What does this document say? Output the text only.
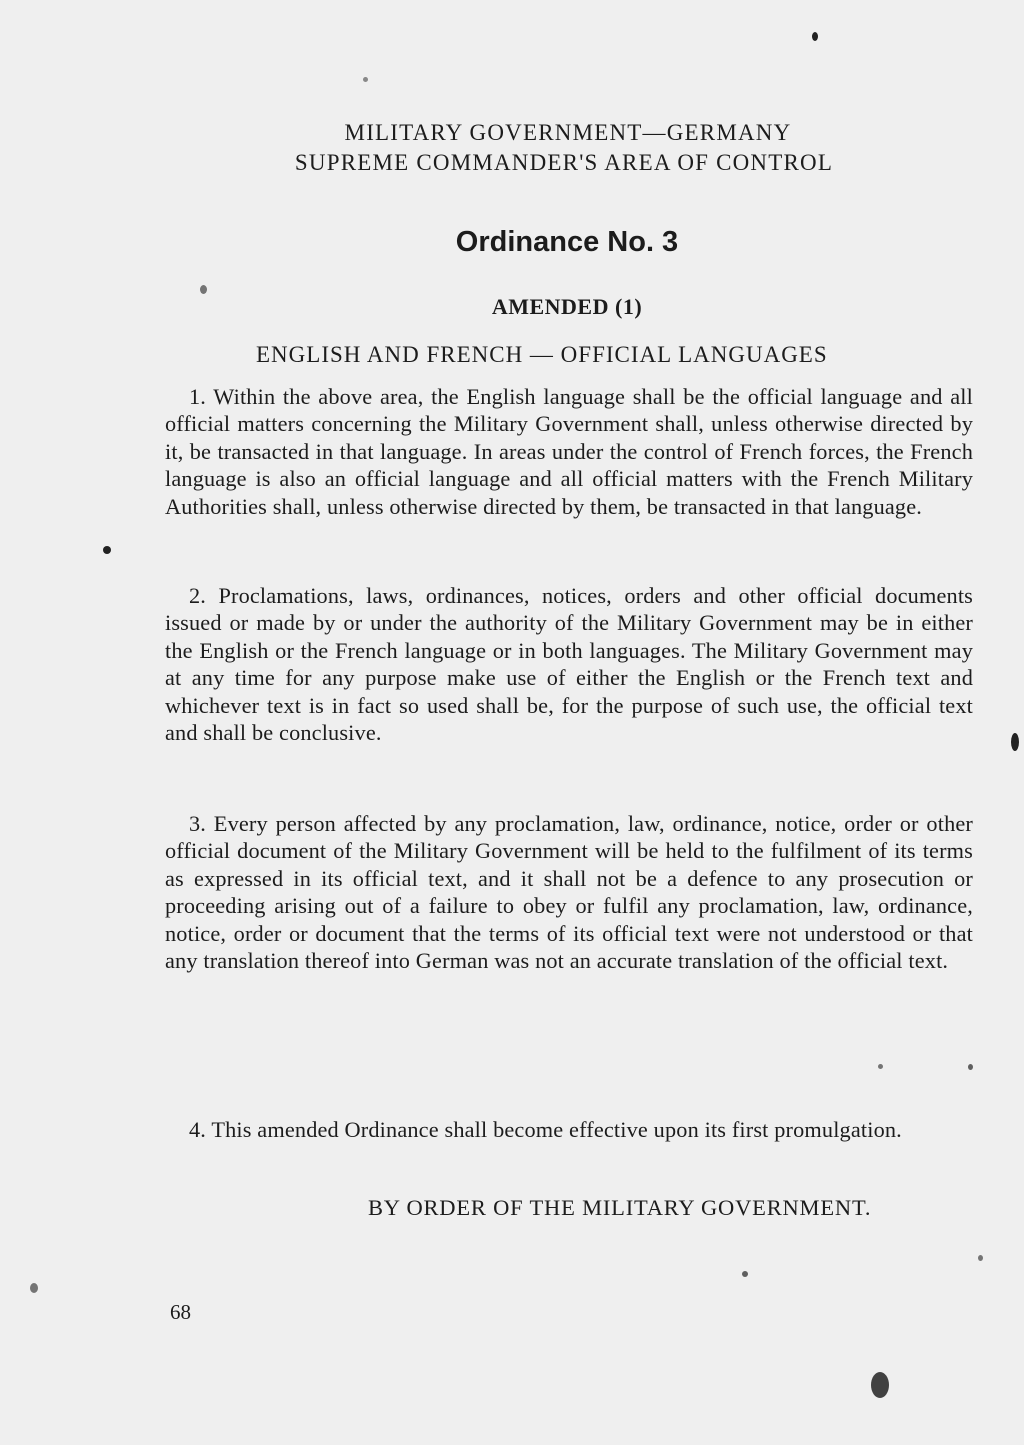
MILITARY GOVERNMENT—GERMANY
SUPREME COMMANDER'S AREA OF CONTROL
Ordinance No. 3
AMENDED (1)
ENGLISH AND FRENCH — OFFICIAL LANGUAGES

1. Within the above area, the English language shall be the official language and all official matters concerning the Military Government shall, unless otherwise directed by it, be transacted in that language. In areas under the control of French forces, the French language is also an official language and all official matters with the French Military Authorities shall, unless otherwise directed by them, be transacted in that language.

2. Proclamations, laws, ordinances, notices, orders and other official documents issued or made by or under the authority of the Military Government may be in either the English or the French language or in both languages. The Military Government may at any time for any purpose make use of either the English or the French text and whichever text is in fact so used shall be, for the purpose of such use, the official text and shall be conclusive.

3. Every person affected by any proclamation, law, ordinance, notice, order or other official document of the Military Government will be held to the fulfilment of its terms as expressed in its official text, and it shall not be a defence to any prosecution or proceeding arising out of a failure to obey or fulfil any proclamation, law, ordinance, notice, order or document that the terms of its official text were not understood or that any translation thereof into German was not an accurate translation of the official text.

4. This amended Ordinance shall become effective upon its first promulgation.

BY ORDER OF THE MILITARY GOVERNMENT.
68
